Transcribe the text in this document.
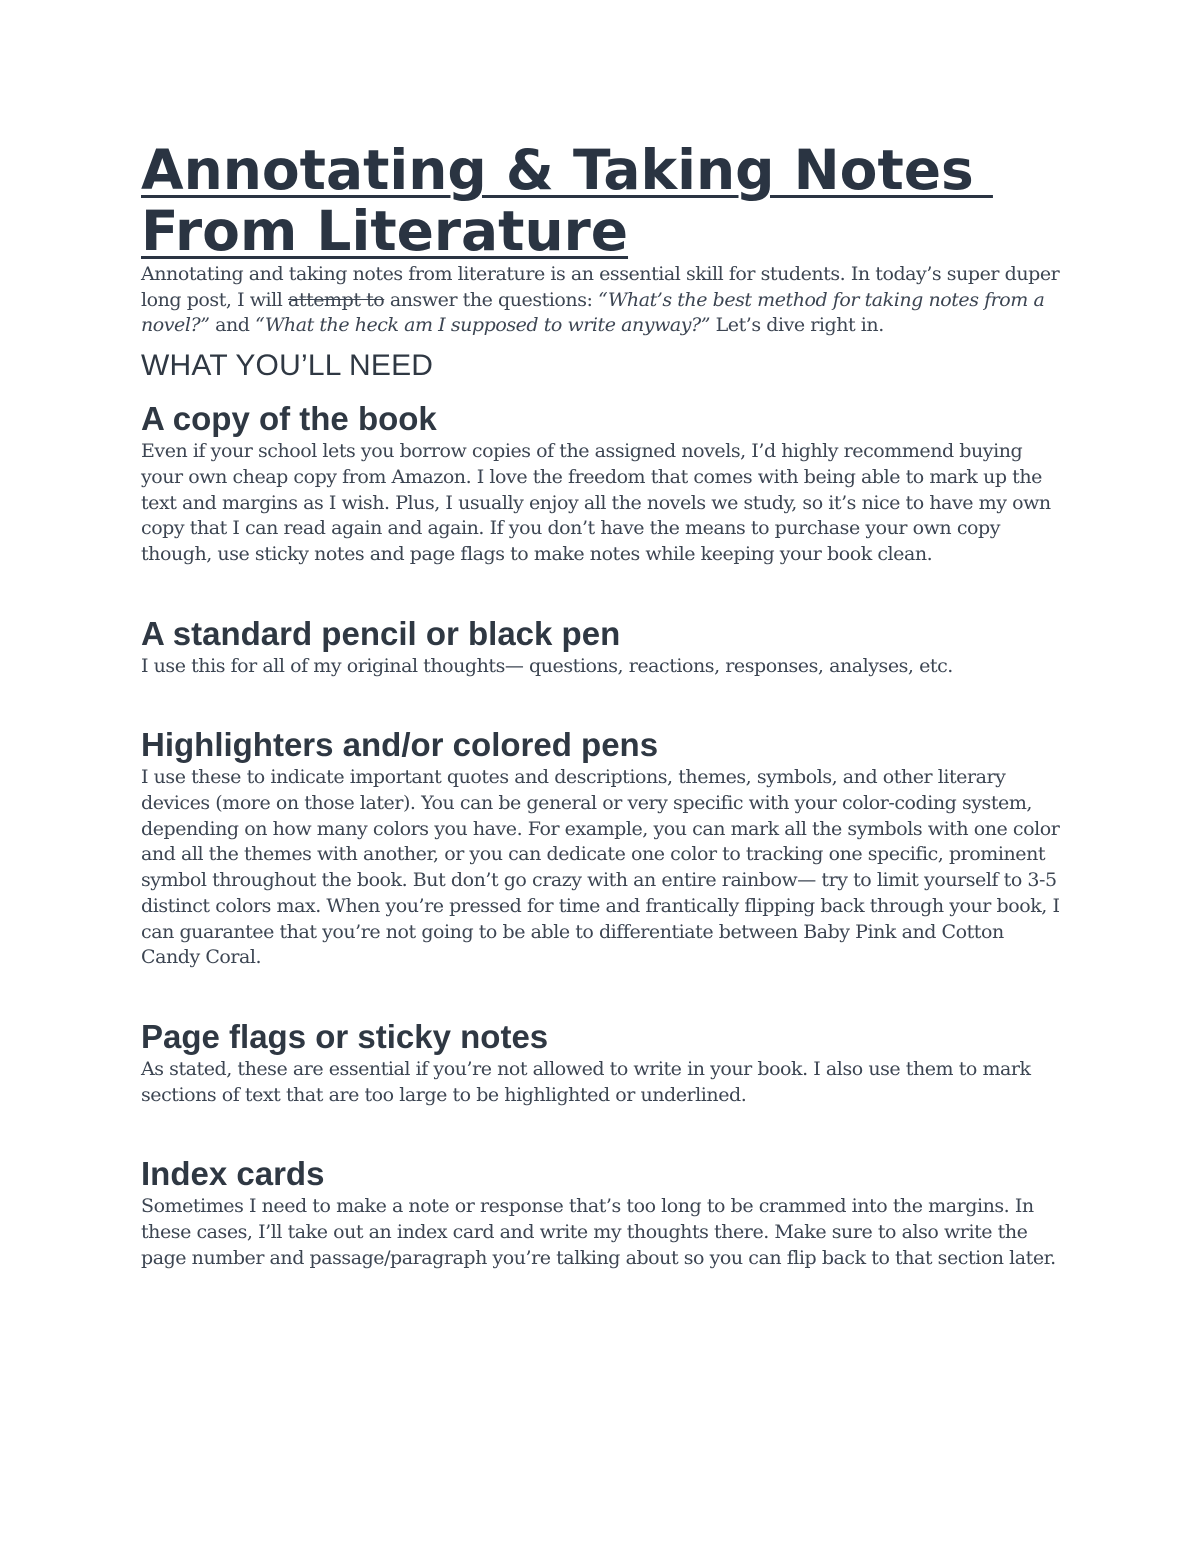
Annotating & Taking Notes
From Literature

Annotating and taking notes from literature is an essential skill for students. In today’s super duper long post, I will attempt to answer the questions: “What’s the best method for taking notes from a novel?” and “What the heck am I supposed to write anyway?” Let’s dive right in.

WHAT YOU’LL NEED
A copy of the book

Even if your school lets you borrow copies of the assigned novels, I’d highly recommend buying your own cheap copy from Amazon. I love the freedom that comes with being able to mark up the text and margins as I wish. Plus, I usually enjoy all the novels we study, so it’s nice to have my own copy that I can read again and again. If you don’t have the means to purchase your own copy though, use sticky notes and page flags to make notes while keeping your book clean.

A standard pencil or black pen

I use this for all of my original thoughts— questions, reactions, responses, analyses, etc.

Highlighters and/or colored pens

I use these to indicate important quotes and descriptions, themes, symbols, and other literary devices (more on those later). You can be general or very specific with your color-coding system, depending on how many colors you have. For example, you can mark all the symbols with one color and all the themes with another, or you can dedicate one color to tracking one specific, prominent symbol throughout the book. But don’t go crazy with an entire rainbow— try to limit yourself to 3-5 distinct colors max. When you’re pressed for time and frantically flipping back through your book, I can guarantee that you’re not going to be able to differentiate between Baby Pink and Cotton Candy Coral.

Page flags or sticky notes

As stated, these are essential if you’re not allowed to write in your book. I also use them to mark sections of text that are too large to be highlighted or underlined.

Index cards

Sometimes I need to make a note or response that’s too long to be crammed into the margins. In these cases, I’ll take out an index card and write my thoughts there. Make sure to also write the page number and passage/paragraph you’re talking about so you can flip back to that section later.
